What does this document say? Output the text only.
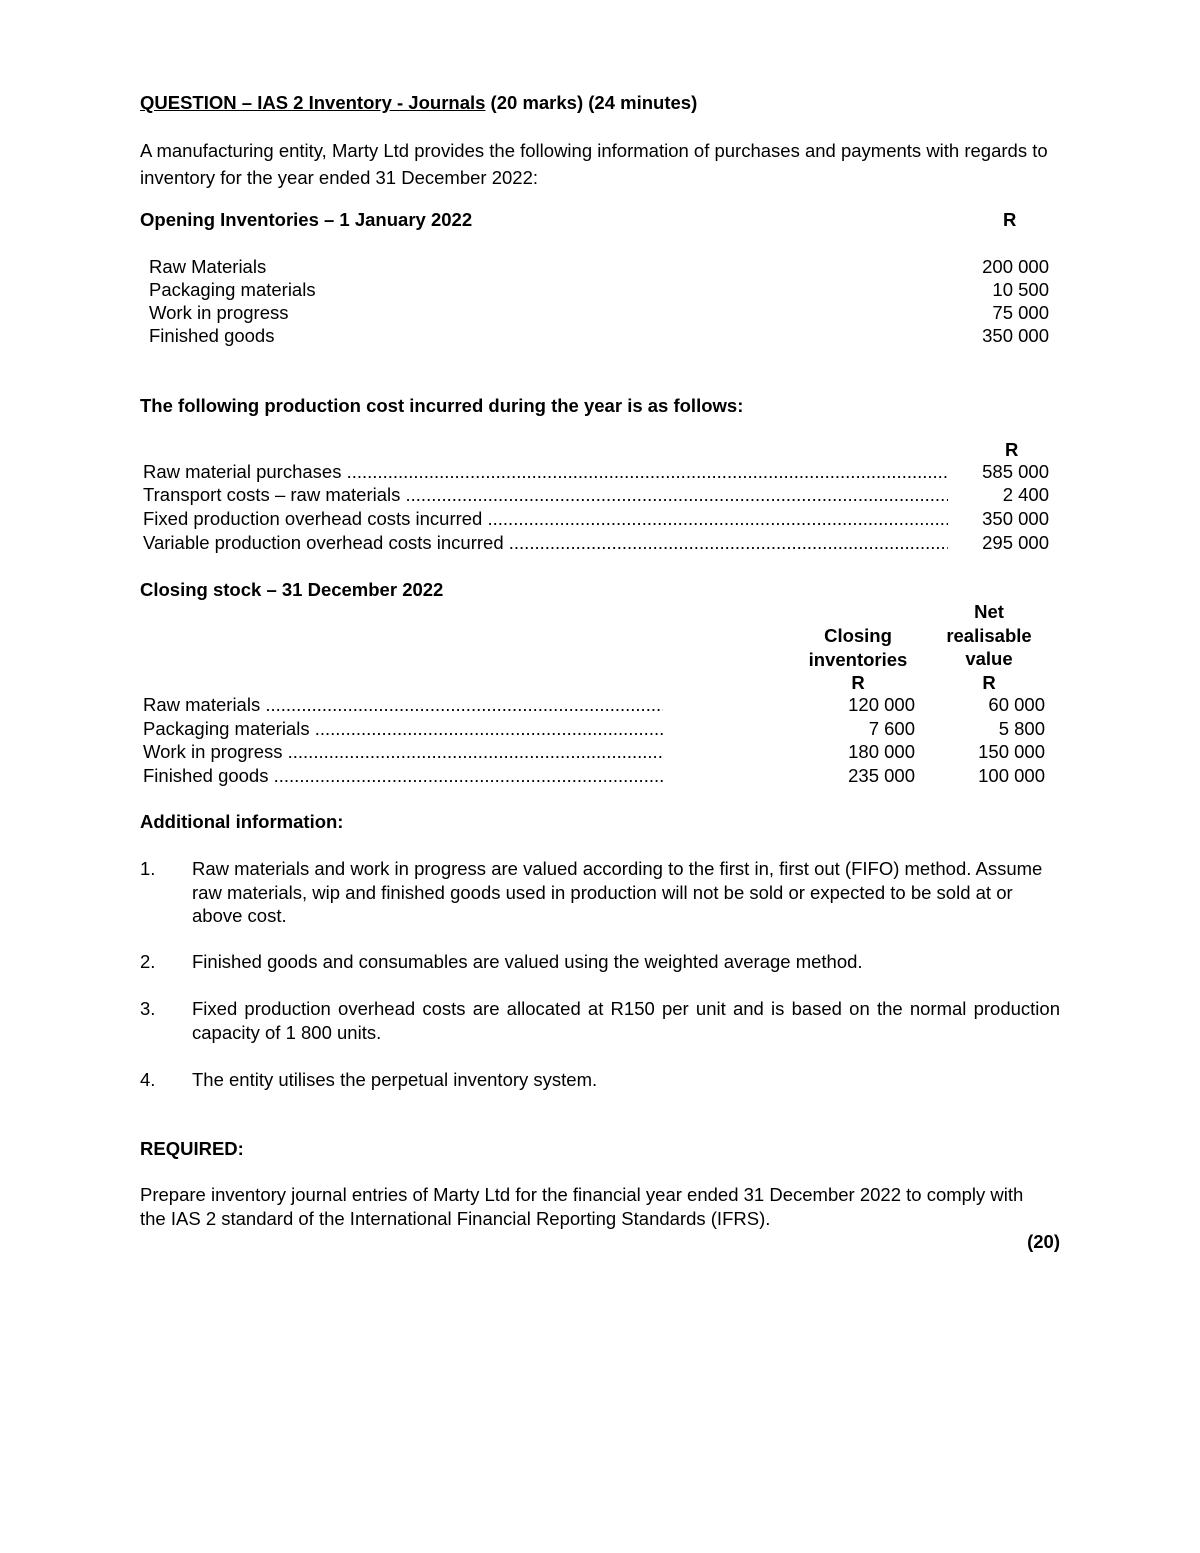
QUESTION – IAS 2 Inventory - Journals (20 marks) (24 minutes)
A manufacturing entity, Marty Ltd provides the following information of purchases and payments with regards to inventory for the year ended 31 December 2022:
Opening Inventories – 1 January 2022	R
Raw Materials	200 000
Packaging materials	10 500
Work in progress	75 000
Finished goods	350 000
The following production cost incurred during the year is as follows:
R
Raw material purchases .....	585 000
Transport costs – raw materials .....	2 400
Fixed production overhead costs incurred .....	350 000
Variable production overhead costs incurred .....	295 000
Closing stock – 31 December 2022
Closing
inventories
R
Net
realisable
value
R
Raw materials .....	120 000	60 000
Packaging materials .....	7 600	5 800
Work in progress .....	180 000	150 000
Finished goods .....	235 000	100 000
Additional information:
1. Raw materials and work in progress are valued according to the first in, first out (FIFO) method. Assume raw materials, wip and finished goods used in production will not be sold or expected to be sold at or above cost.
2. Finished goods and consumables are valued using the weighted average method.
3. Fixed production overhead costs are allocated at R150 per unit and is based on the normal production capacity of 1 800 units.
4. The entity utilises the perpetual inventory system.
REQUIRED:
Prepare inventory journal entries of Marty Ltd for the financial year ended 31 December 2022 to comply with the IAS 2 standard of the International Financial Reporting Standards (IFRS).
(20)
